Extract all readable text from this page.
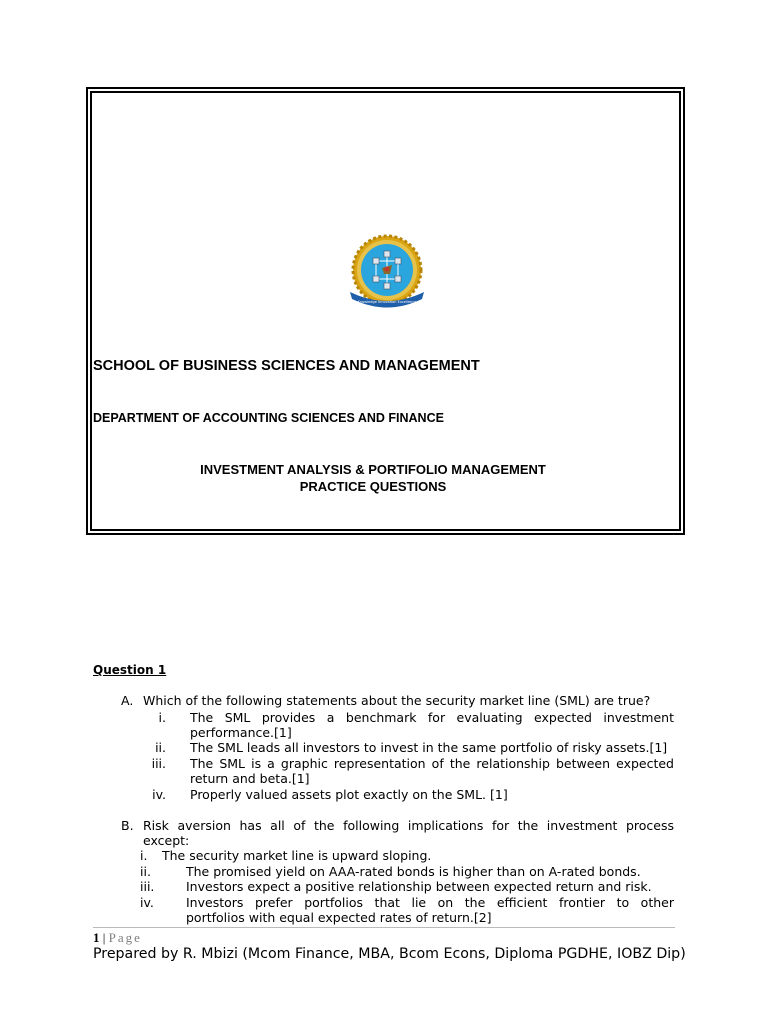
Knowledge Innovation Excellence
SCHOOL OF BUSINESS SCIENCES AND MANAGEMENT
DEPARTMENT OF ACCOUNTING SCIENCES AND FINANCE
INVESTMENT ANALYSIS & PORTIFOLIO MANAGEMENT
PRACTICE QUESTIONS
Question 1
A. Which of the following statements about the security market line (SML) are true?
i. The SML provides a benchmark for evaluating expected investment
performance.[1]
ii. The SML leads all investors to invest in the same portfolio of risky assets.[1]
iii. The SML is a graphic representation of the relationship between expected
return and beta.[1]
iv. Properly valued assets plot exactly on the SML. [1]
B. Risk aversion has all of the following implications for the investment process
except:
i. The security market line is upward sloping.
ii.	The promised yield on AAA-rated bonds is higher than on A-rated bonds.
iii.	Investors expect a positive relationship between expected return and risk.
iv.	Investors prefer portfolios that lie on the efficient frontier to other
portfolios with equal expected rates of return.[2]
1 | Page
Prepared by R. Mbizi (Mcom Finance, MBA, Bcom Econs, Diploma PGDHE, IOBZ Dip)
